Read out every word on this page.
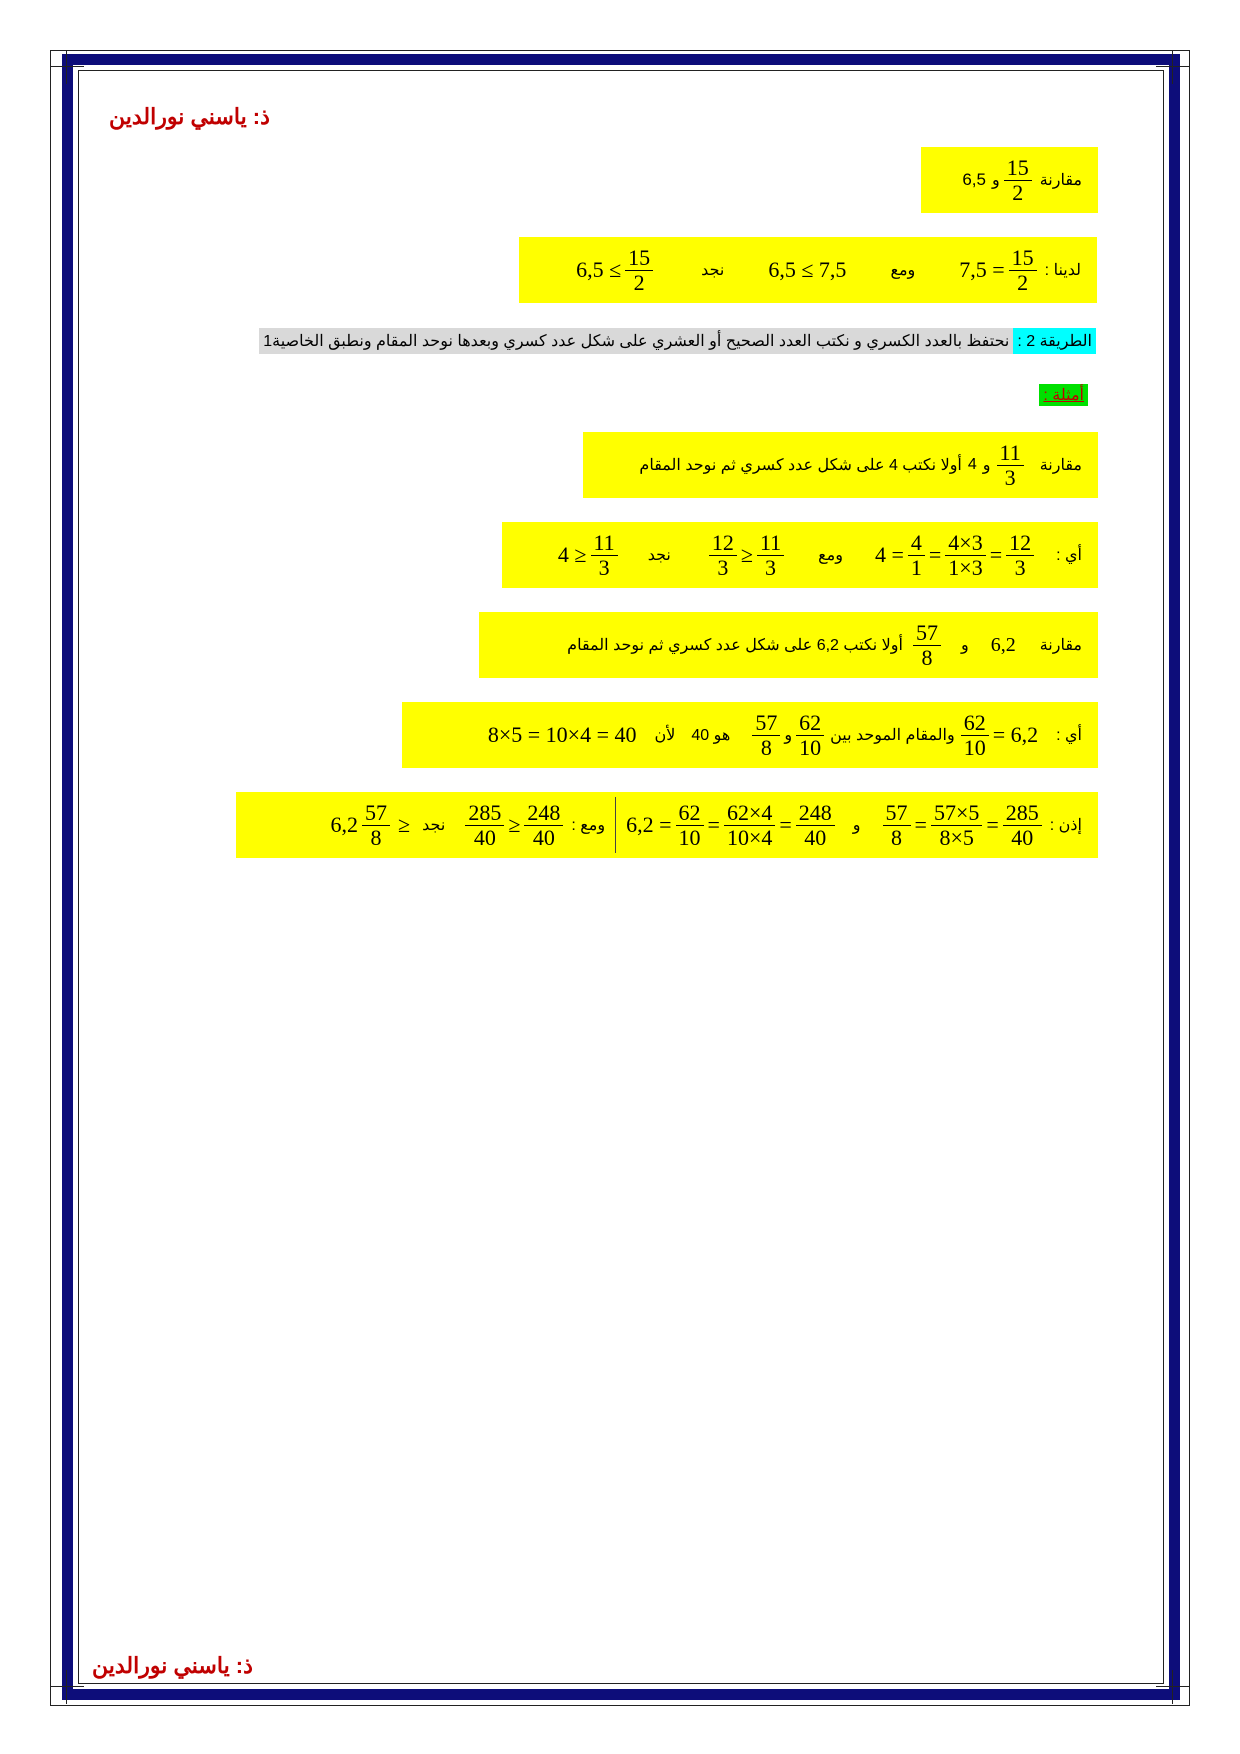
ذ: ياسني نورالدين
مقارنة
6,5 و $\frac{15}{2}$
لدينا :
$\frac{15}{2}$
7,5 =
ومع
6,5 ≤ 7,5
نجد
$6,5 \le \frac{15}{2}$
الطريقة 2 :
نحتفظ بالعدد الكسري و نكتب العدد الصحيح أو العشري على شكل عدد كسري وبعدها نوحد المقام ونطبق الخاصية1
أمثلة :
مقارنة
4 و $\frac{11}{3}$
أولا نكتب 4 على شكل عدد كسري ثم نوحد المقام
أي :
$4 = \frac{4}{1} = \frac{4\times 3}{1\times 3} = \frac{12}{3}$
ومع
$\frac{12}{3} \ge \frac{11}{3}$
نجد
$4 \ge \frac{11}{3}$
مقارنة
6,2
و
$\frac{57}{8}$
أولا نكتب 6,2 على شكل عدد كسري ثم نوحد المقام
أي :
$\frac{62}{10} = 6,2$
والمقام الموحد بين
$\frac{57}{8}$ و $\frac{62}{10}$
هو 40
لأن
8×5 = 10×4 = 40
إذن :
$\frac{57}{8} = \frac{57\times 5}{8\times 5} = \frac{285}{40}$
و
$6,2 = \frac{62}{10} = \frac{62\times 4}{10\times 4} = \frac{248}{40}$
ومع :
$\frac{285}{40} \ge \frac{248}{40}$
نجد
$\frac{57}{8}$ ≥
6,2
ذ: ياسني نورالدين
